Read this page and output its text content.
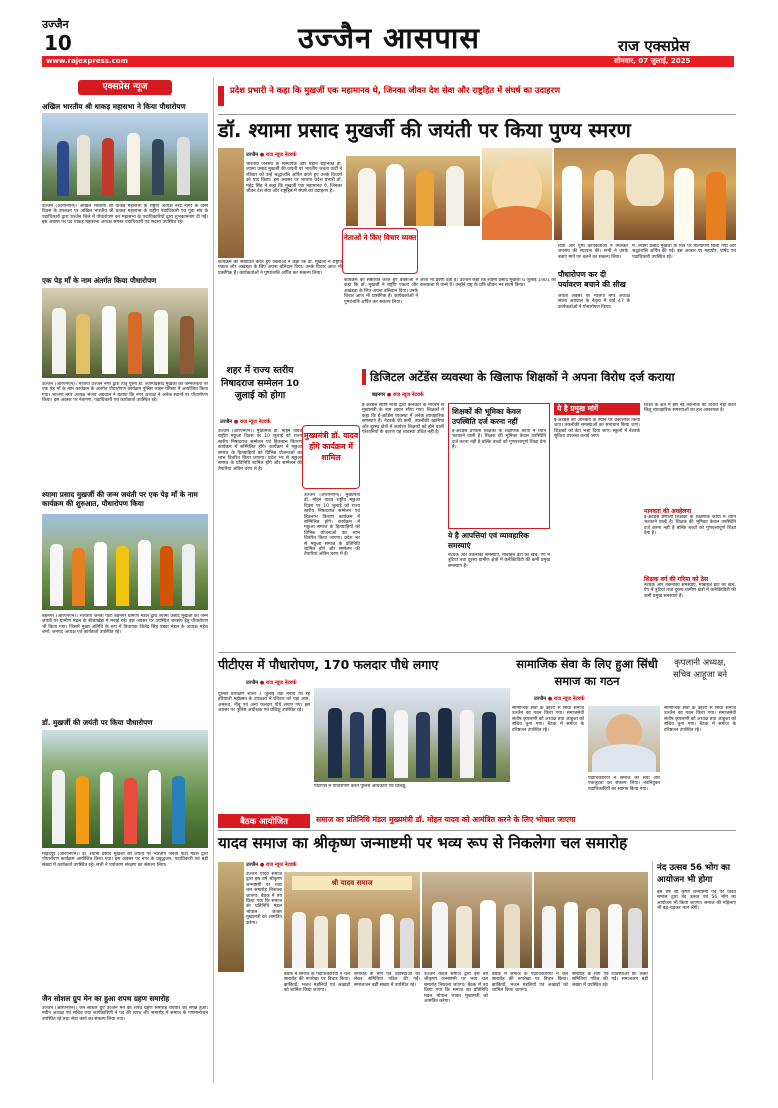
उज्जैन
10	उज्जैन आसपास	राज एक्सप्रेस
www.rajexpress.com	सोमवार, 07 जुलाई, 2025
एक्सप्रेस न्यूज
अखिल भारतीय श्री धाकड़ महासभा ने किया पौधारोपण
उज्जैन (आरएनएन)। अखिल भारतीय श्री धाकड़ महासभा के राष्ट्रीय अध्यक्ष नरेंद्र नागर के जन्म दिवस के उपलक्ष्य पर अखिल भारतीय श्री धाकड़ महासभा के राष्ट्रीय पदाधिकारी एवं युवा संघ के पदाधिकारी द्वारा उज्जैन जिले में पौधारोपण कर महासभा के पदाधिकारियों द्वारा शुभकामनाएं दी गईं। इस अवसर पर पद धाकड़ महासभा अध्यक्ष समस्त पदाधिकारी एवं सदस्य उपस्थित रहे।
एक पेड़ माँ के नाम अंतर्गत किया पौधारोपण
उज्जैन (आरएनएन)। भाजपा उज्जैन नगर द्वारा पितृ पुरुष डॉ. श्यामाप्रसाद मुखर्जी की जन्मजयंती पर एक पेड़ माँ के नाम कार्यक्रम के अंतर्गत पौधारोपण कार्यक्रम पुलिस लाइन परिसर में आयोजित किया गया। भाजपा नगर अध्यक्ष संजय अग्रवाल ने बताया कि नगर अध्यक्ष ने अनेक स्थानों पर पौधारोपण किया। इस अवसर पर नेतागण, पदाधिकारी एवं कार्यकर्ता उपस्थित रहे।
श्यामा प्रसाद मुखर्जी की जन्म जयंती पर एक पेड़ माँ के नाम कार्यक्रम की शुरुआत, पौधारोपण किया
बड़नगर (आरएनएन)। भारतीय जनता पार्टी बड़नगर ग्रामीण मंडल द्वारा श्यामा प्रसाद मुखर्जी की जन्म जयंती पर ग्रामीण मंडल के बीजाखेड़ा में मनाई गई। इस अवसर पर उपस्थित जनसंघ हेतु पौधारोपण भी किया गया। जिसमें मुख्य अतिथि के रूप में विधायक जितेंद्र सिंह पंड्या मंडल के अध्यक्ष महेश शर्मा, जनपद अध्यक्ष एवं कार्यकर्ता उपस्थित रहे।
डॉ. मुखर्जी की जयंती पर किया पौधारोपण
महिदपुर (आरएनएन)। डॉ. श्यामा प्रसाद मुखर्जी की जयंती पर भारतीय जनता पार्टी मंडल द्वारा पौधारोपण कार्यक्रम आयोजित किया गया। इस अवसर पर नगर के प्रबुद्धजन, पदाधिकारी एवं बड़ी संख्या में कार्यकर्ता उपस्थित रहे। सभी ने पर्यावरण संरक्षण का संकल्प लिया।
जैन सोशल ग्रुप मेन का हुआ शपथ ग्रहण समारोह
उज्जैन (आरएनएन)। जैन सोशल ग्रुप उज्जैन मेन का शपथ ग्रहण समारोह रविवार को संपन्न हुआ। नवीन अध्यक्ष एवं सचिव तथा कार्यकारिणी ने पद की शपथ ली। समारोह में समाज के गणमान्यजन उपस्थित रहे तथा सेवा कार्य का संकल्प लिया गया।
प्रदेश प्रभारी ने कहा कि मुखर्जी एक महामानव थे, जिनका जीवन देश सेवा और राष्ट्रहित में संघर्ष का उदाहरण
डॉ. श्यामा प्रसाद मुखर्जी की जयंती पर किया पुण्य स्मरण
उज्जैन ● राज न्यूज नेटवर्क
भारतीय जनसंघ के संस्थापक और महान राष्ट्रभक्त डॉ. श्यामा प्रसाद मुखर्जी की जयंती पर भारतीय जनता पार्टी ने रविवार को उन्हें श्रद्धांजलि अर्पित करते हुए उनके विचारों को याद किया। इस अवसर पर भाजपा प्रदेश प्रभारी डॉ. महेंद्र सिंह ने कहा कि मुखर्जी एक महामानव थे, जिनका जीवन देश सेवा और राष्ट्रहित में संघर्ष का उदाहरण है।
कार्यक्रम को संबोधित करते हुए वक्ताओं ने कहा कि डॉ. मुखर्जी ने राष्ट्रीय एकता और अखंडता के लिए अपना बलिदान दिया। उनके विचार आज भी प्रासंगिक हैं। कार्यकर्ताओं ने पुष्पांजलि अर्पित कर संकल्प लिया।
नेताओं ने किए विचार व्यक्त
कार्यक्रम को संबोधित करते हुए वक्ताओं ने कहा कि डॉ. मुखर्जी ने राष्ट्रीय एकता और अखंडता के लिए अपना बलिदान दिया। उनके विचार आज भी प्रासंगिक हैं। कार्यकर्ताओं ने पुष्पांजलि अर्पित कर संकल्प लिया।
आज भी प्रेरणा देता है। उज्जैन कहा कि श्यामा प्रसाद मुखर्जी 6 जुलाई 1901 को कलकत्ता में जन्मे थे। उन्होंने राष्ट्र के प्रति जीवन भर संघर्ष किया।
दिया और पुष्प कार्यकर्ताओं ने मिलकर जनसंघ की स्थापना की। सभी ने उनके बताए मार्ग पर चलने का संकल्प लिया।
पौधारोपण कर दी पर्यावरण बचाने की सीख
जयंती अवसर पर भाजपा नगर अध्यक्ष संजय अग्रवाल के नेतृत्व में वार्ड 47 के कार्यकर्ताओं ने पौधारोपण किया।
मैं. श्यामा प्रसाद मुखर्जी के चित्र पर माल्यार्पण किया गया और श्रद्धांजलि अर्पित की गई। इस अवसर पर महापौर, पार्षद एवं पदाधिकारी उपस्थित रहे।
शहर में राज्य स्तरीय निषादराज सम्मेलन 10 जुलाई को होगा
उज्जैन ● राज न्यूज नेटवर्क
उज्जैन (आरएनएन)। मुख्यमंत्री डॉ. मोहन यादव राष्ट्रीय मछुआ दिवस पर 10 जुलाई को राज्य स्तरीय निषादराज सम्मेलन एवं हितलाभ वितरण कार्यक्रम में सम्मिलित होंगे। कार्यक्रम में मछुआ समाज के हितग्राहियों को विभिन्न योजनाओं का लाभ वितरित किया जाएगा। प्रदेश भर से मछुआ समाज के प्रतिनिधि शामिल होंगे और सम्मेलन की तैयारियां अंतिम चरण में हैं।
मुख्यमंत्री डॉ. यादव होंगे कार्यक्रम में शामिल
उज्जैन (आरएनएन)। मुख्यमंत्री डॉ. मोहन यादव राष्ट्रीय मछुआ दिवस पर 10 जुलाई को राज्य स्तरीय निषादराज सम्मेलन एवं हितलाभ वितरण कार्यक्रम में सम्मिलित होंगे। कार्यक्रम में मछुआ समाज के हितग्राहियों को विभिन्न योजनाओं का लाभ वितरित किया जाएगा। प्रदेश भर से मछुआ समाज के प्रतिनिधि शामिल होंगे और सम्मेलन की तैयारियां अंतिम चरण में हैं।
डिजिटल अटेंडेंस व्यवस्था के खिलाफ शिक्षकों ने अपना विरोध दर्ज कराया
बड़नगर ● राज न्यूज नेटवर्क
ई-अटेंडेंस संघर्ष मोर्चा द्वारा कलेक्टर के माध्यम से मुख्यमंत्री के नाम ज्ञापन सौंपा गया। शिक्षकों ने कहा कि ई-अटेंडेंस व्यवस्था में अनेक व्यावहारिक समस्याएं हैं। नेटवर्क की कमी, तकनीकी खामियां और दूरस्थ क्षेत्रों में कार्यरत शिक्षकों को होने वाली परेशानियों के कारण यह व्यवस्था उचित नहीं है।
शिक्षकों की भूमिका केवल उपस्थिति दर्ज करना नहीं
ई-अटेंडेंस प्रणाली शिक्षकों के शैक्षणिक कार्यों में ध्यान भटकाने वाली है। शिक्षक की भूमिका केवल उपस्थिति दर्ज करना नहीं है बल्कि बच्चों को गुणवत्तापूर्ण शिक्षा देना है।
ये है आपत्तियां एवं व्यावहारिक समस्याएं
नेटवर्क और तकनीकी समस्याएं, मोबाइल डेटा का खर्च, ऐप में त्रुटियां तथा दूरस्थ ग्रामीण क्षेत्रों में कनेक्टिविटी की कमी प्रमुख समस्याएं हैं।
ये है प्रमुख मांगें
ई-अटेंडेंस को अनिवार्य के स्थान पर वैकल्पिक किया जाए। तकनीकी समस्याओं का समाधान किया जाए। शिक्षकों को डेटा भत्ता दिया जाए। स्कूलों में नेटवर्क सुविधा उपलब्ध कराई जाए।
शिक्षा के क्षेत्र में इस नई तकनीक का विरोध नहीं करते किंतु व्यावहारिक समस्याओं का हल आवश्यक है।
मानवता की अवहेलना
ई-अटेंडेंस प्रणाली शिक्षकों के शैक्षणिक कार्यों में ध्यान भटकाने वाली है। शिक्षक की भूमिका केवल उपस्थिति दर्ज करना नहीं है बल्कि बच्चों को गुणवत्तापूर्ण शिक्षा देना है।
शिक्षक वर्ग की गरिमा को ठेस
नेटवर्क और तकनीकी समस्याएं, मोबाइल डेटा का खर्च, ऐप में त्रुटियां तथा दूरस्थ ग्रामीण क्षेत्रों में कनेक्टिविटी की कमी प्रमुख समस्याएं हैं।
पीटीएस में पौधारोपण, 170 फलदार पौधे लगाए
उज्जैन ● राज न्यूज नेटवर्क
पुलिस प्रशिक्षण शाला 7 जुलाई तक मनाये जा रहे हरियाली महोत्सव के उपलक्ष्य में रविवार को यहां आम, अमरूद, नींबू एवं अन्य फलदार पौधे लगाए गए। इस अवसर पर पुलिस अधीक्षक एवं प्रशिक्षु उपस्थित रहे।
पीटीएस में पौधारोपण करते पुलिस अधिकारी एवं प्रशिक्षु
सामाजिक सेवा के लिए हुआ सिंधी समाज का गठन
कृपलानी अध्यक्ष, सचिव आहूजा बने
उज्जैन ● राज न्यूज नेटवर्क
सामाजिक सेवा के उद्देश्य से सिंधी समाज उज्जैन का गठन किया गया। समाजसेवी संतोष कृपलानी को अध्यक्ष तथा आहूजा को सचिव चुना गया। बैठक में समाज के वरिष्ठजन उपस्थित रहे।
पदाधिकारियों ने समाज की सेवा और एकजुटता का संकल्प लिया। नवनियुक्त पदाधिकारियों का स्वागत किया गया।
सामाजिक सेवा के उद्देश्य से सिंधी समाज उज्जैन का गठन किया गया। समाजसेवी संतोष कृपलानी को अध्यक्ष तथा आहूजा को सचिव चुना गया। बैठक में समाज के वरिष्ठजन उपस्थित रहे।
बैठक आयोजित	समाज का प्रतिनिधि मंडल मुख्यमंत्री डॉ. मोहन यादव को आमंत्रित करने के लिए भोपाल जाएगा
यादव समाज का श्रीकृष्ण जन्माष्टमी पर भव्य रूप से निकलेगा चल समारोह
उज्जैन ● राज न्यूज नेटवर्क
उज्जैन यादव समाज द्वारा इस वर्ष श्रीकृष्ण जन्माष्टमी पर भव्य चल समारोह निकाला जाएगा। बैठक में तय किया गया कि समाज का प्रतिनिधि मंडल भोपाल जाकर मुख्यमंत्री को आमंत्रित करेगा।
श्री यादव समाज
बैठक में समाज के पदाधिकारियों ने चल समारोह की रूपरेखा पर विचार किया। झांकियों, भजन मंडलियों एवं अखाड़ों को शामिल किया जाएगा।
समारोह के मार्ग एवं व्यवस्थाओं को लेकर समितियां गठित की गईं। समाजजन बड़ी संख्या में उपस्थित रहे।
उज्जैन यादव समाज द्वारा इस वर्ष श्रीकृष्ण जन्माष्टमी पर भव्य चल समारोह निकाला जाएगा। बैठक में तय किया गया कि समाज का प्रतिनिधि मंडल भोपाल जाकर मुख्यमंत्री को आमंत्रित करेगा।
बैठक में समाज के पदाधिकारियों ने चल समारोह की रूपरेखा पर विचार किया। झांकियों, भजन मंडलियों एवं अखाड़ों को शामिल किया जाएगा।
समारोह के मार्ग एवं व्यवस्थाओं को लेकर समितियां गठित की गईं। समाजजन बड़ी संख्या में उपस्थित रहे।
नंद उत्सव 56 भोग का आयोजन भी होगा
इस वर्ष श्री कृष्ण जन्माष्टमी पर्व पर यादव समाज द्वारा नंद उत्सव एवं 56 भोग का आयोजन भी किया जाएगा। समाज की महिलाएं भी बढ़-चढ़कर भाग लेंगी।
